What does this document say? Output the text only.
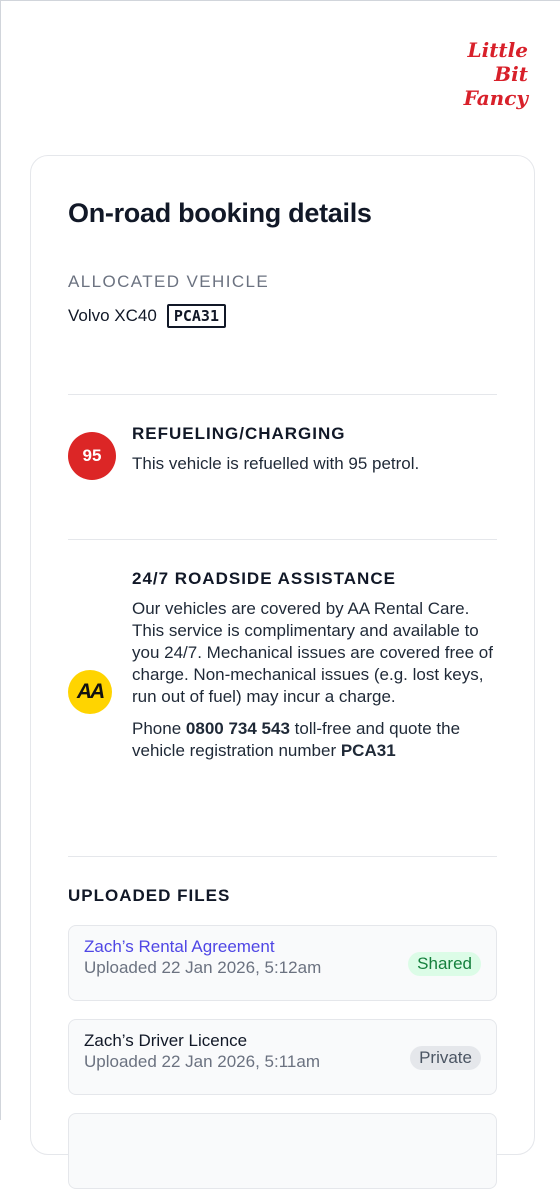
Little
Bit
Fancy
On-road booking details
ALLOCATED VEHICLE
Volvo XC40	PCA31
95
REFUELING/CHARGING
This vehicle is refuelled with 95 petrol.
AA
24/7 ROADSIDE ASSISTANCE
Our vehicles are covered by AA Rental Care. This service is complimentary and available to you 24/7. Mechanical issues are covered free of charge. Non-mechanical issues (e.g. lost keys, run out of fuel) may incur a charge.
Phone 0800 734 543 toll-free and quote the vehicle registration number PCA31
UPLOADED FILES
Zach’s Rental Agreement
Uploaded 22 Jan 2026, 5:12am	Shared
Zach’s Driver Licence
Uploaded 22 Jan 2026, 5:11am	Private
